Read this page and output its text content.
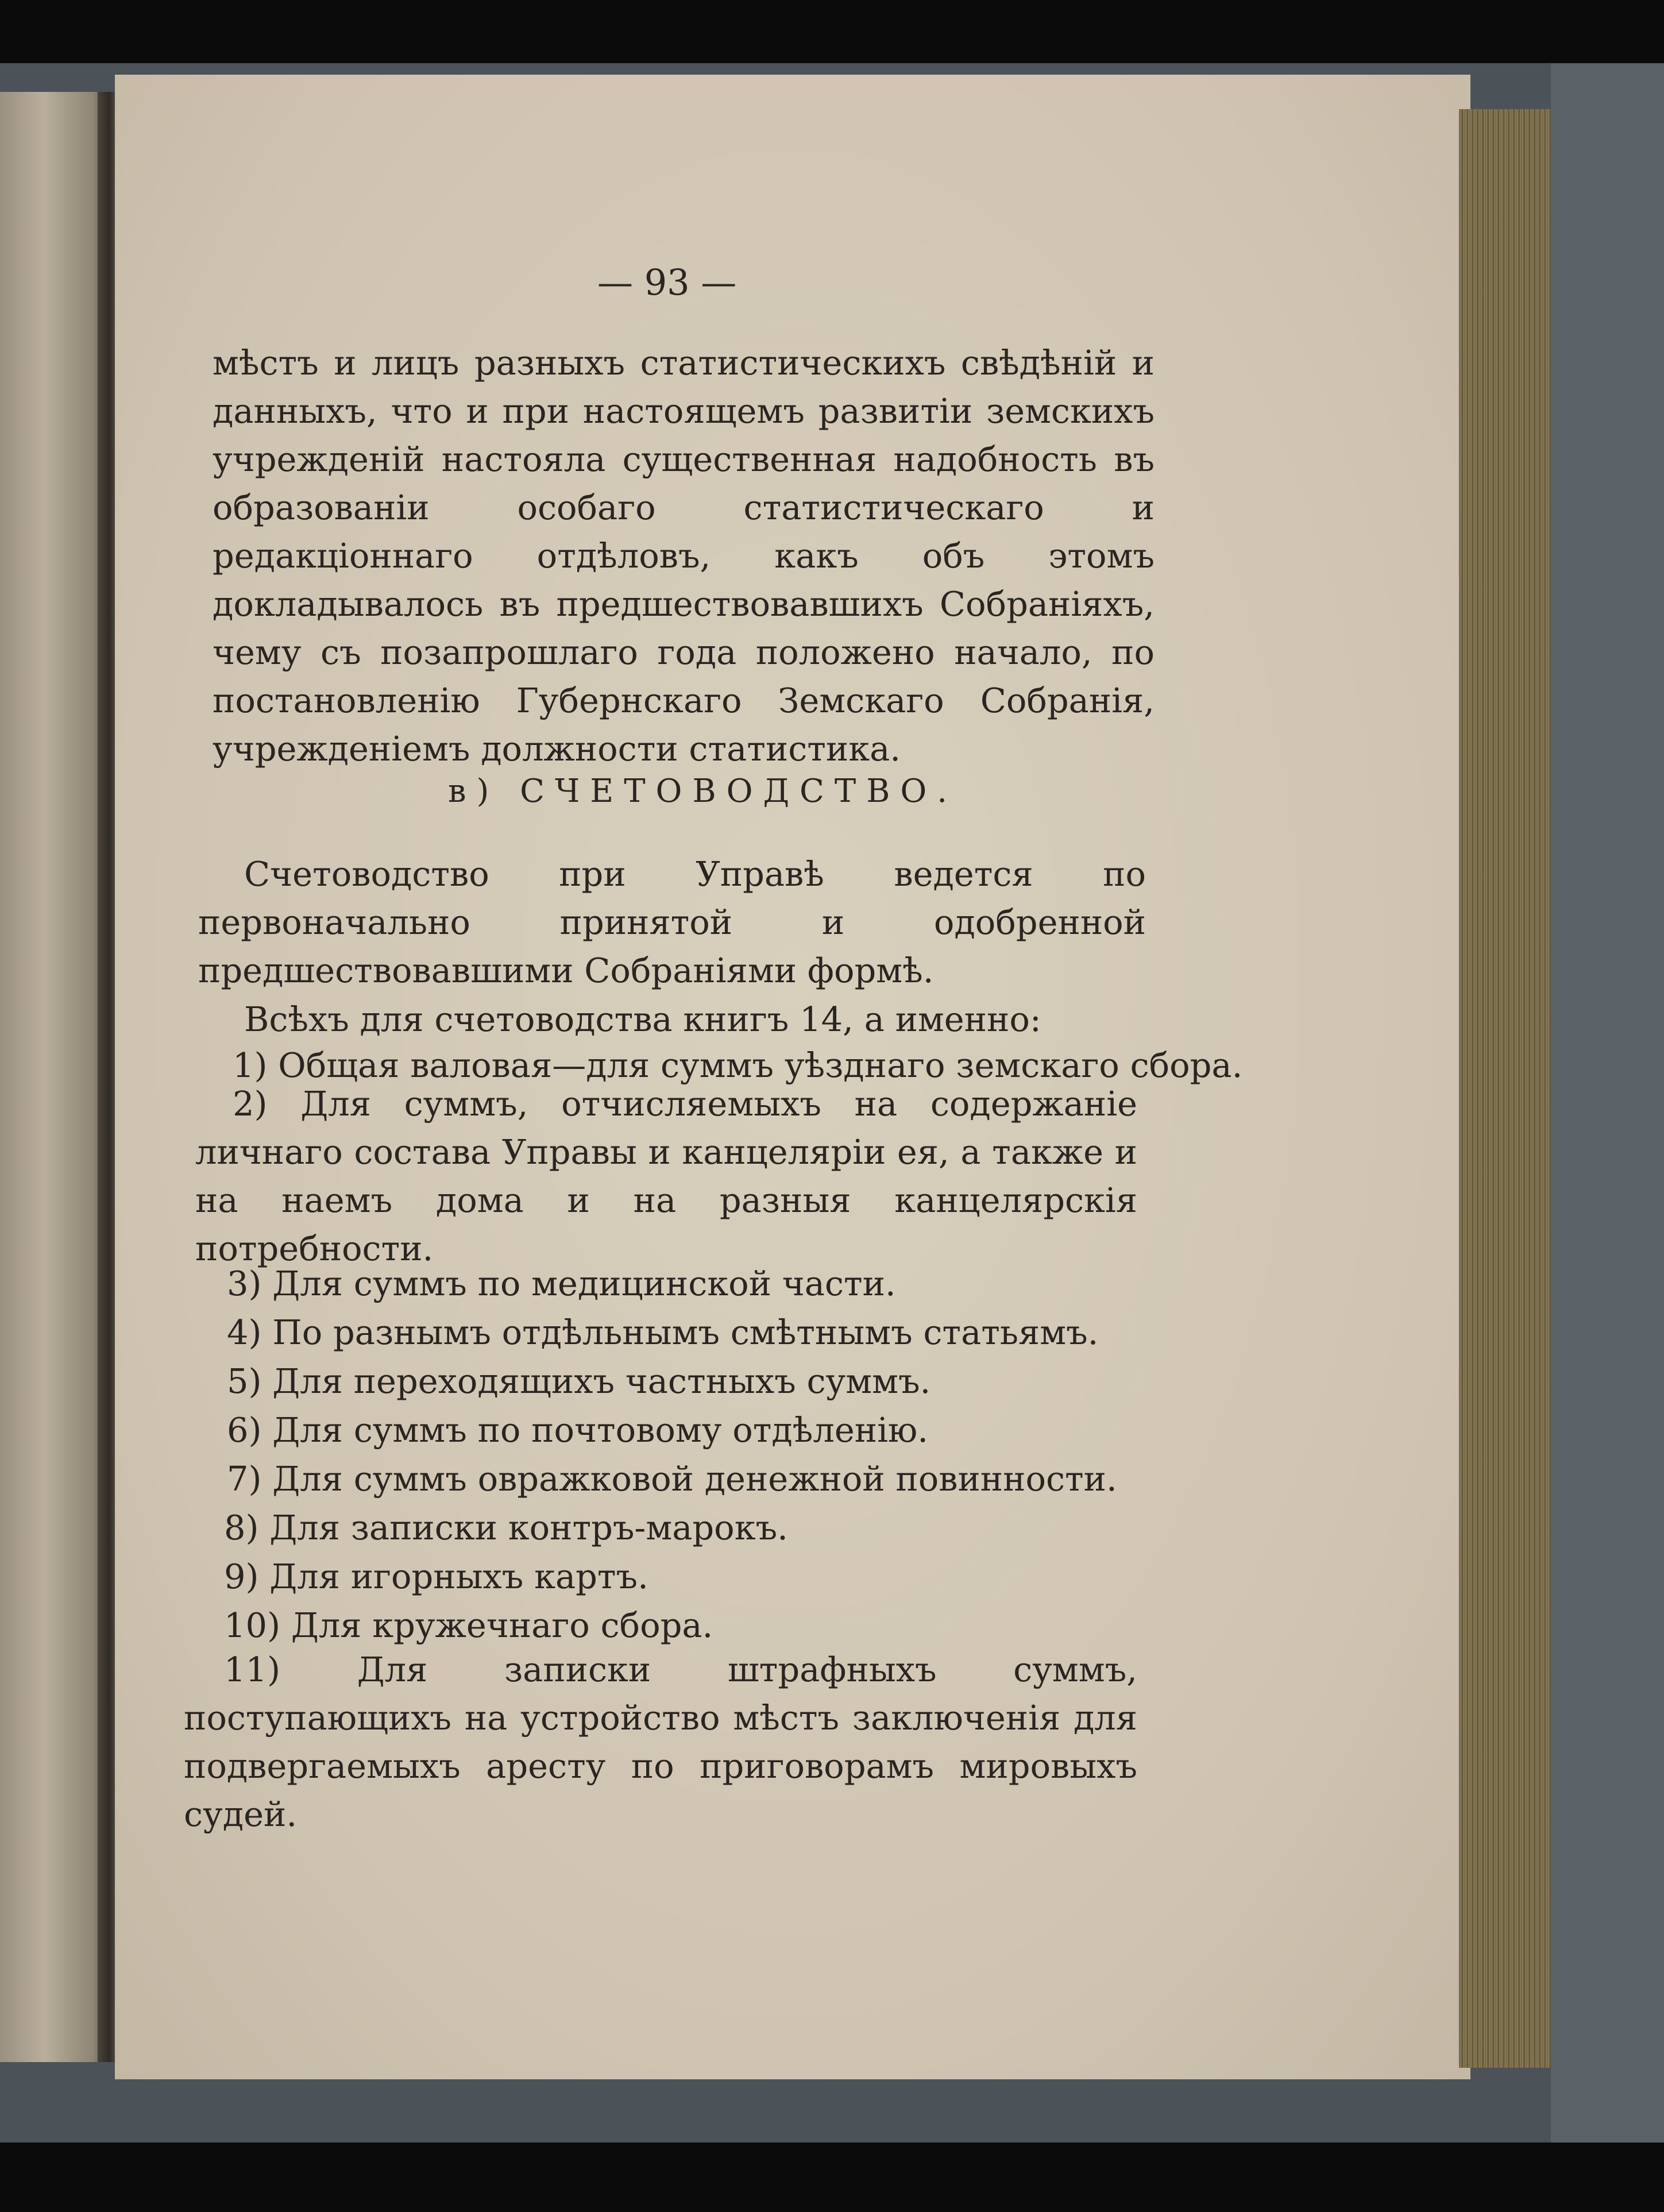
— 93 —

мѣстъ и лицъ разныхъ статистическихъ свѣдѣній и данныхъ, что и при настоящемъ развитіи земскихъ учрежденій настояла существенная надобность въ образованіи особаго статистическаго и редакціоннаго отдѣловъ, какъ объ этомъ докладывалось въ предшествовавшихъ Собраніяхъ, чему съ позапрошлаго года положено начало, по постановленію Губернскаго Земскаго Собранія, учрежденіемъ должности статистика.

в) СЧЕТОВОДСТВО.

Счетоводство при Управѣ ведется по первоначально принятой и одобренной предшествовавшими Собраніями формѣ.

Всѣхъ для счетоводства книгъ 14, а именно:
1) Общая валовая—для суммъ уѣзднаго земскаго сбора.
2) Для суммъ, отчисляемыхъ на содержаніе личнаго состава Управы и канцеляріи ея, а также и на наемъ дома и на разныя канцелярскія потребности.
3) Для суммъ по медицинской части.
4) По разнымъ отдѣльнымъ смѣтнымъ статьямъ.
5) Для переходящихъ частныхъ суммъ.
6) Для суммъ по почтовому отдѣленію.
7) Для суммъ овражковой денежной повинности.
8) Для записки контръ-марокъ.
9) Для игорныхъ картъ.
10) Для кружечнаго сбора.
11) Для записки штрафныхъ суммъ, поступающихъ на устройство мѣстъ заключенія для подвергаемыхъ аресту по приговорамъ мировыхъ судей.
